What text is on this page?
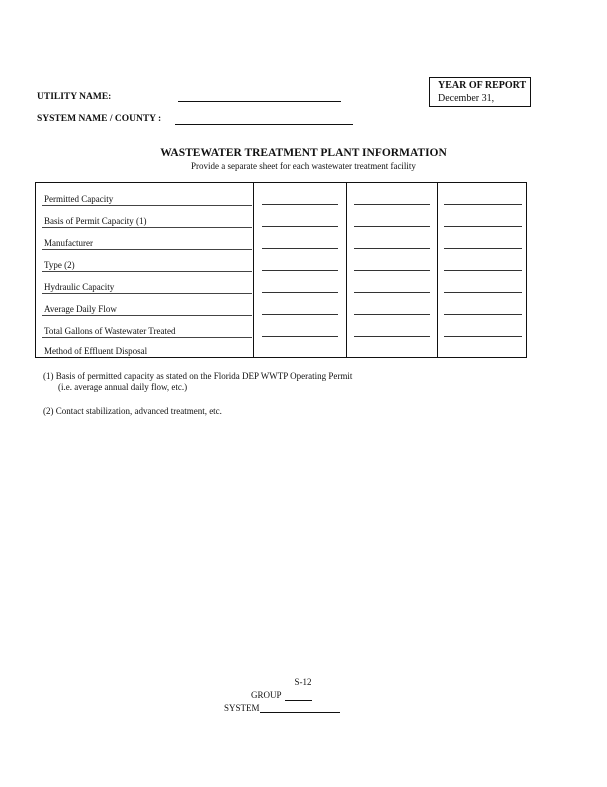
YEAR OF REPORT
December 31,
UTILITY NAME:
SYSTEM NAME / COUNTY :
WASTEWATER TREATMENT PLANT INFORMATION
Provide a separate sheet for each wastewater treatment facility
Permitted Capacity
Basis of Permit Capacity (1)
Manufacturer
Type (2)
Hydraulic Capacity
Average Daily Flow
Total Gallons of Wastewater Treated
Method of Effluent Disposal
(1) Basis of permitted capacity as stated on the Florida DEP WWTP Operating Permit
(i.e. average annual daily flow, etc.)
(2) Contact stabilization, advanced treatment, etc.
S-12
GROUP
SYSTEM
